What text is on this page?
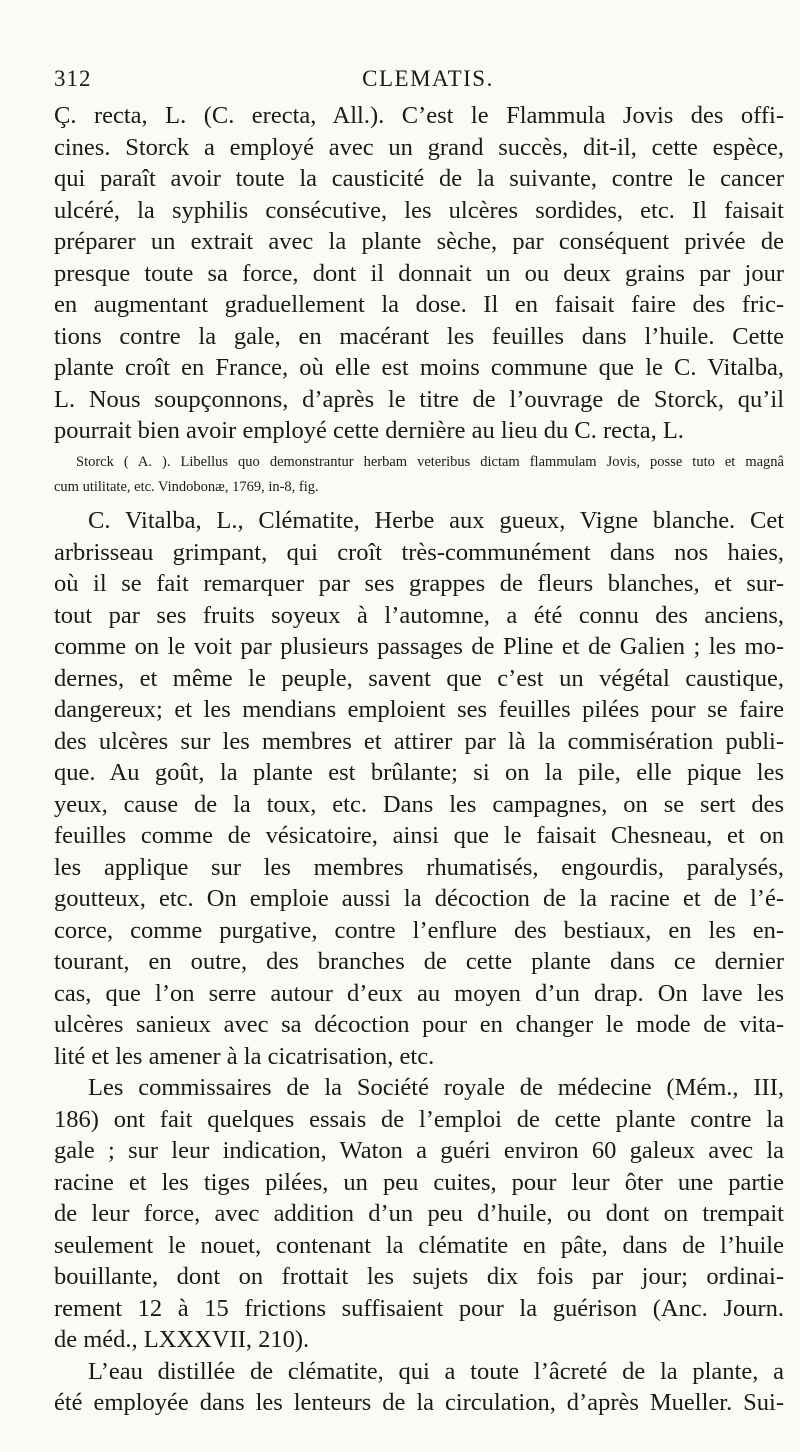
312	CLEMATIS.
Ç. recta, L. (C. erecta, All.). C’est le Flammula Jovis des offi-
cines. Storck a employé avec un grand succès, dit-il, cette espèce,
qui paraît avoir toute la causticité de la suivante, contre le cancer
ulcéré, la syphilis consécutive, les ulcères sordides, etc. Il faisait
préparer un extrait avec la plante sèche, par conséquent privée de
presque toute sa force, dont il donnait un ou deux grains par jour
en augmentant graduellement la dose. Il en faisait faire des fric-
tions contre la gale, en macérant les feuilles dans l’huile. Cette
plante croît en France, où elle est moins commune que le C. Vitalba,
L. Nous soupçonnons, d’après le titre de l’ouvrage de Storck, qu’il
pourrait bien avoir employé cette dernière au lieu du C. recta, L.
Storck ( A. ). Libellus quo demonstrantur herbam veteribus dictam flammulam Jovis, posse tuto et magnâ
cum utilitate, etc. Vindobonæ, 1769, in-8, fig.
C. Vitalba, L., Clématite, Herbe aux gueux, Vigne blanche. Cet
arbrisseau grimpant, qui croît très-communément dans nos haies,
où il se fait remarquer par ses grappes de fleurs blanches, et sur-
tout par ses fruits soyeux à l’automne, a été connu des anciens,
comme on le voit par plusieurs passages de Pline et de Galien ; les mo-
dernes, et même le peuple, savent que c’est un végétal caustique,
dangereux; et les mendians emploient ses feuilles pilées pour se faire
des ulcères sur les membres et attirer par là la commisération publi-
que. Au goût, la plante est brûlante; si on la pile, elle pique les
yeux, cause de la toux, etc. Dans les campagnes, on se sert des
feuilles comme de vésicatoire, ainsi que le faisait Chesneau, et on
les applique sur les membres rhumatisés, engourdis, paralysés,
goutteux, etc. On emploie aussi la décoction de la racine et de l’é-
corce, comme purgative, contre l’enflure des bestiaux, en les en-
tourant, en outre, des branches de cette plante dans ce dernier
cas, que l’on serre autour d’eux au moyen d’un drap. On lave les
ulcères sanieux avec sa décoction pour en changer le mode de vita-
lité et les amener à la cicatrisation, etc.
Les commissaires de la Société royale de médecine (Mém., III,
186) ont fait quelques essais de l’emploi de cette plante contre la
gale ; sur leur indication, Waton a guéri environ 60 galeux avec la
racine et les tiges pilées, un peu cuites, pour leur ôter une partie
de leur force, avec addition d’un peu d’huile, ou dont on trempait
seulement le nouet, contenant la clématite en pâte, dans de l’huile
bouillante, dont on frottait les sujets dix fois par jour; ordinai-
rement 12 à 15 frictions suffisaient pour la guérison (Anc. Journ.
de méd., LXXXVII, 210).
L’eau distillée de clématite, qui a toute l’âcreté de la plante, a
été employée dans les lenteurs de la circulation, d’après Mueller. Sui-
